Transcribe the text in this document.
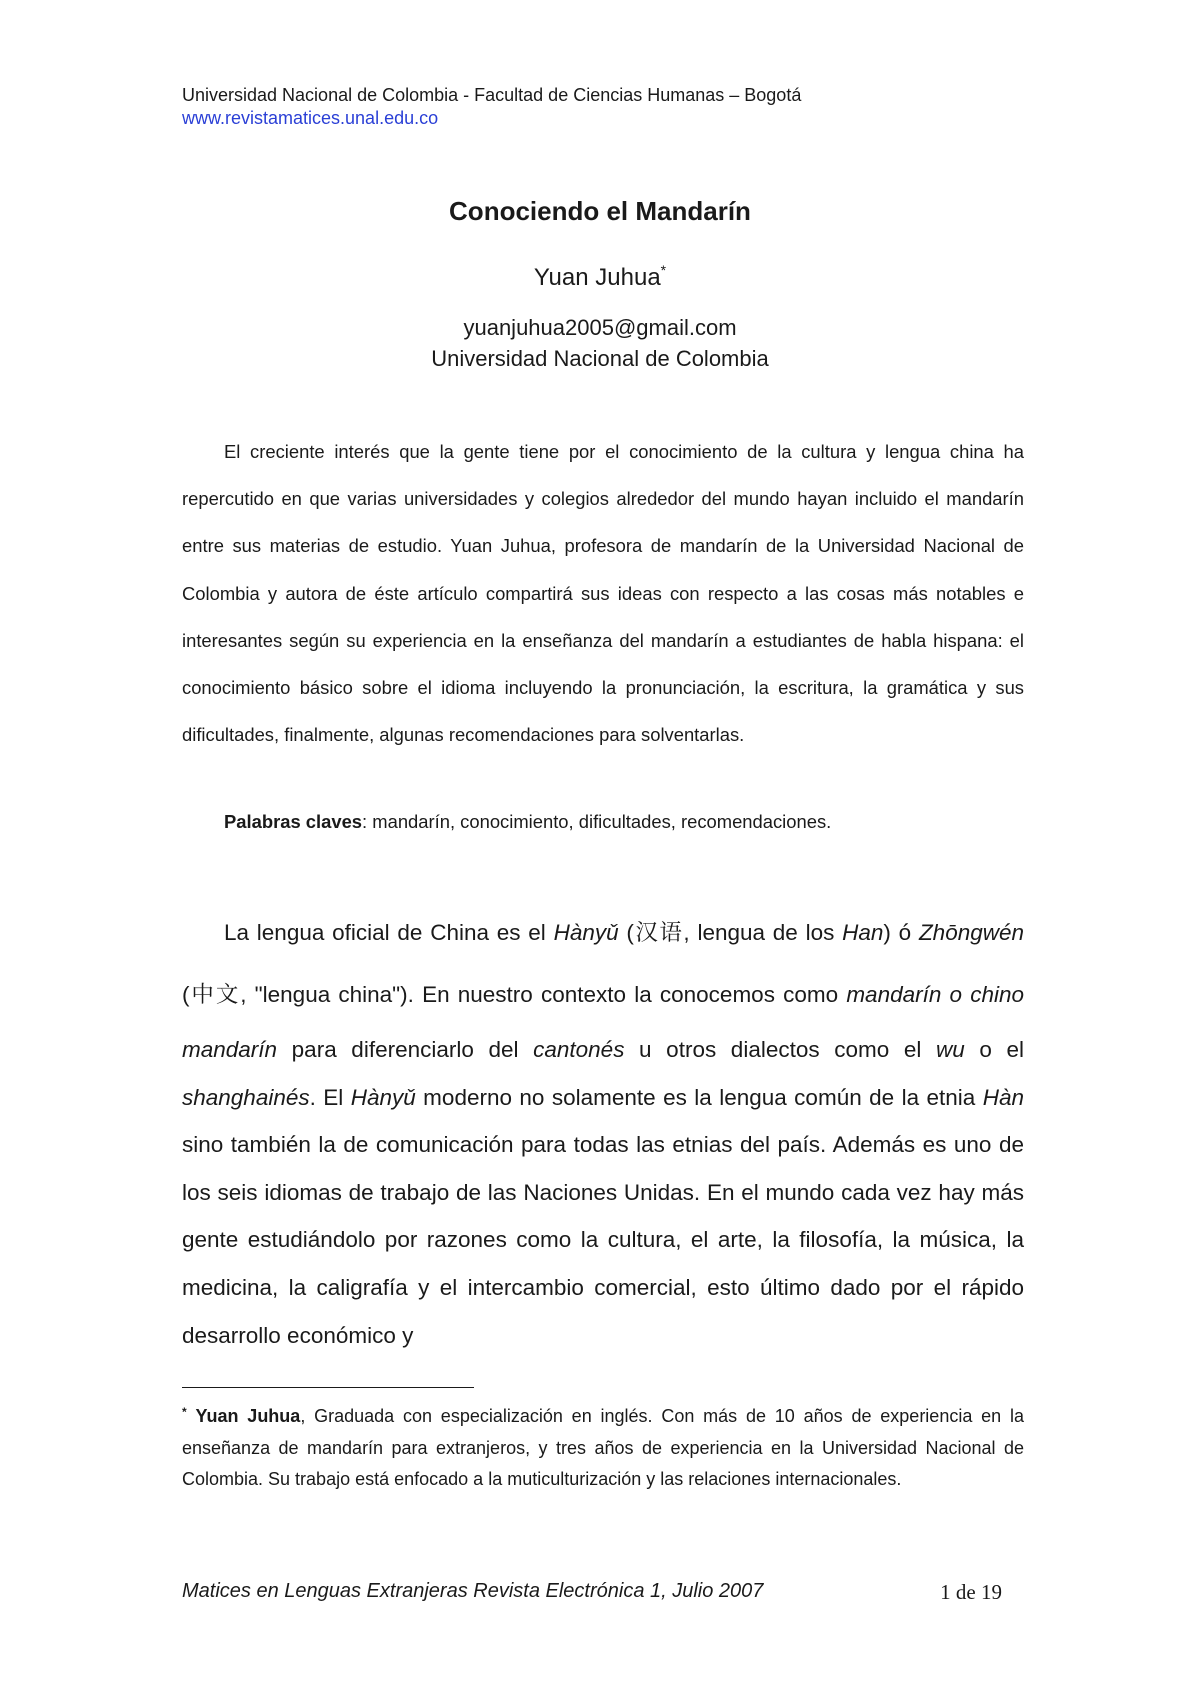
Universidad Nacional de Colombia - Facultad de Ciencias Humanas – Bogotá
www.revistamatices.unal.edu.co
Conociendo el Mandarín
Yuan Juhua*
yuanjuhua2005@gmail.com
Universidad Nacional de Colombia

El creciente interés que la gente tiene por el conocimiento de la cultura y lengua china ha repercutido en que varias universidades y colegios alrededor del mundo hayan incluido el mandarín entre sus materias de estudio. Yuan Juhua, profesora de mandarín de la Universidad Nacional de Colombia y autora de éste artículo compartirá sus ideas con respecto a las cosas más notables e interesantes según su experiencia en la enseñanza del mandarín a estudiantes de habla hispana: el conocimiento básico sobre el idioma incluyendo la pronunciación, la escritura, la gramática y sus dificultades, finalmente, algunas recomendaciones para solventarlas.

Palabras claves: mandarín, conocimiento, dificultades, recomendaciones.

La lengua oficial de China es el Hànyǔ (汉语, lengua de los Han) ó Zhōngwén (中文, "lengua china"). En nuestro contexto la conocemos como mandarín o chino mandarín para diferenciarlo del cantonés u otros dialectos como el wu o el shanghainés. El Hànyǔ moderno no solamente es la lengua común de la etnia Hàn sino también la de comunicación para todas las etnias del país. Además es uno de los seis idiomas de trabajo de las Naciones Unidas. En el mundo cada vez hay más gente estudiándolo por razones como la cultura, el arte, la filosofía, la música, la medicina, la caligrafía y el intercambio comercial, esto último dado por el rápido desarrollo económico y

* Yuan Juhua, Graduada con especialización en inglés. Con más de 10 años de experiencia en la enseñanza de mandarín para extranjeros, y tres años de experiencia en la Universidad Nacional de Colombia. Su trabajo está enfocado a la muticulturización y las relaciones internacionales.
Matices en Lenguas Extranjeras Revista Electrónica 1, Julio 2007	1 de 19
